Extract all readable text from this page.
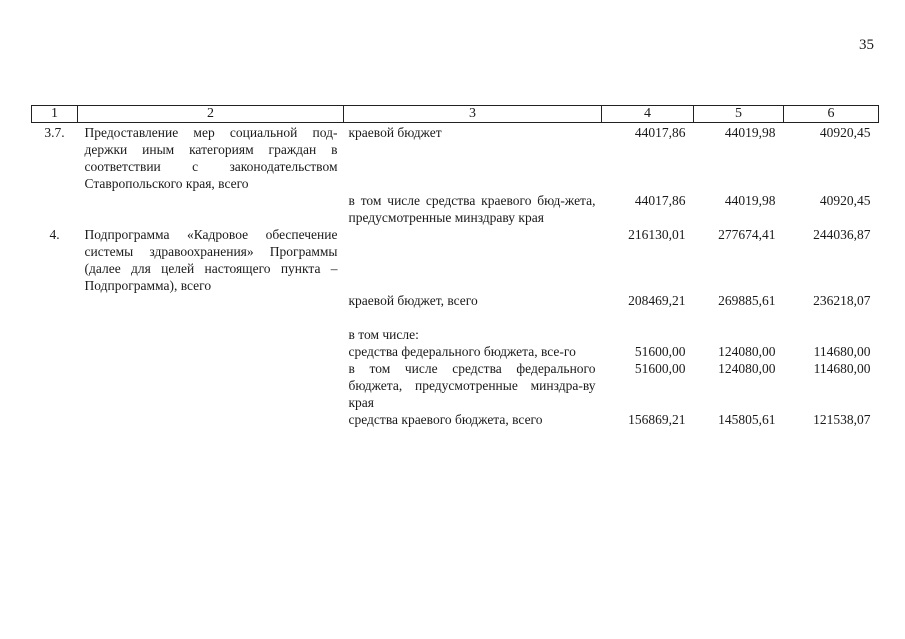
35
1	2	3	4	5	6
3.7.	Предоставление мер социальной под-держки иным категориям граждан в соответствии с законодательством Ставропольского края, всего	краевой бюджет	44017,86	44019,98	40920,45
		в том числе средства краевого бюд-жета, предусмотренные минздраву края	44017,86	44019,98	40920,45
4.	Подпрограмма «Кадровое обеспечение системы здравоохранения» Программы (далее для целей настоящего пункта – Подпрограмма), всего		216130,01	277674,41	244036,87
		краевой бюджет, всего	208469,21	269885,61	236218,07
		в том числе:			
		средства федерального бюджета, все-го	51600,00	124080,00	114680,00
		в том числе средства федерального бюджета, предусмотренные минздра-ву края	51600,00	124080,00	114680,00
		средства краевого бюджета, всего	156869,21	145805,61	121538,07
